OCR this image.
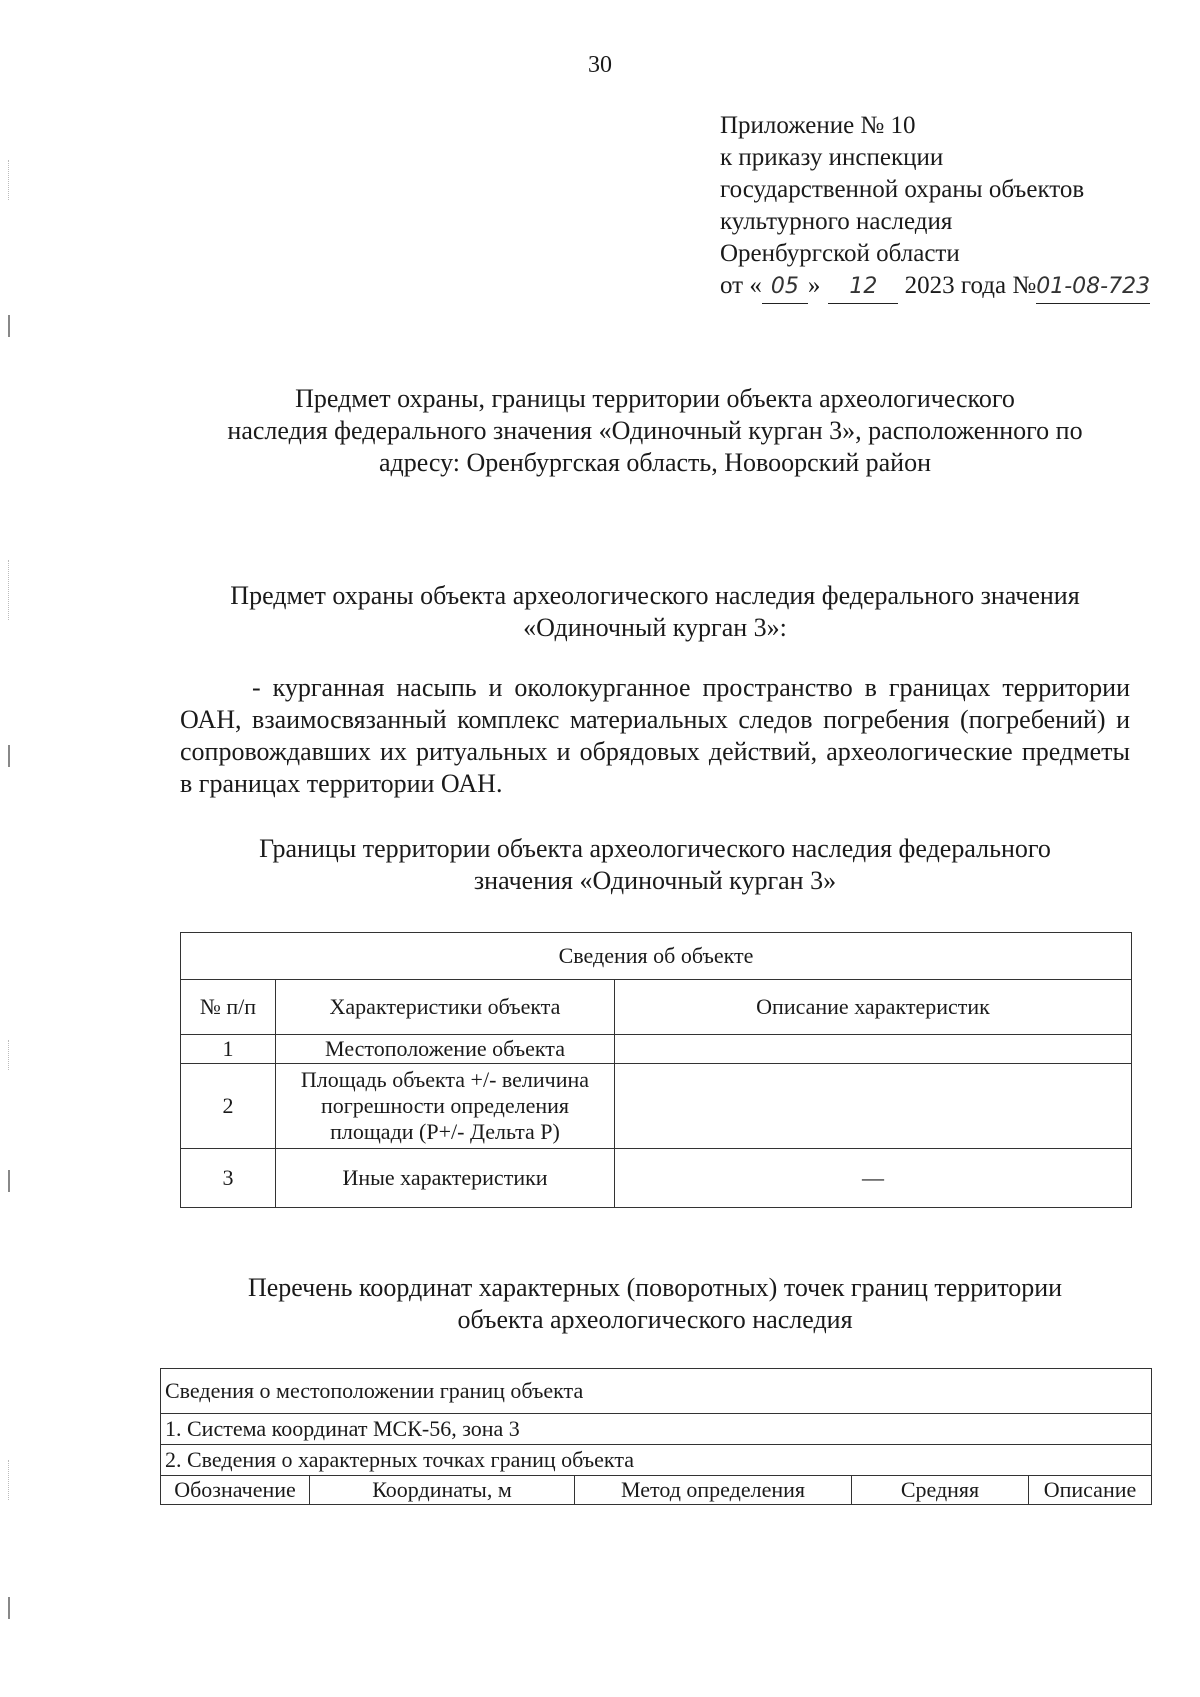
30
Приложение № 10
к приказу инспекции
государственной охраны объектов
культурного наследия
Оренбургской области
от « 05 » 12 2023 года №01-08-723
Предмет охраны, границы территории объекта археологического
наследия федерального значения «Одиночный курган 3», расположенного по
адресу: Оренбургская область, Новоорский район
Предмет охраны объекта археологического наследия федерального значения
«Одиночный курган 3»:
- курганная насыпь и околокурганное пространство в границах территории ОАН, взаимосвязанный комплекс материальных следов погребения (погребений) и сопровождавших их ритуальных и обрядовых действий, археологические предметы в границах территории ОАН.
Границы территории объекта археологического наследия федерального
значения «Одиночный курган 3»
Сведения об объекте		
№ п/п	Характеристики объекта	Описание характеристик
1	Местоположение объекта	
2	Площадь объекта +/- величина погрешности определения площади (P+/- Дельта P)	
3	Иные характеристики	—
Перечень координат характерных (поворотных) точек границ территории
объекта археологического наследия
Сведения о местоположении границ объекта
1. Система координат МСК-56, зона 3
2. Сведения о характерных точках границ объекта
Обозначение	Координаты, м	Метод определения	Средняя	Описание
